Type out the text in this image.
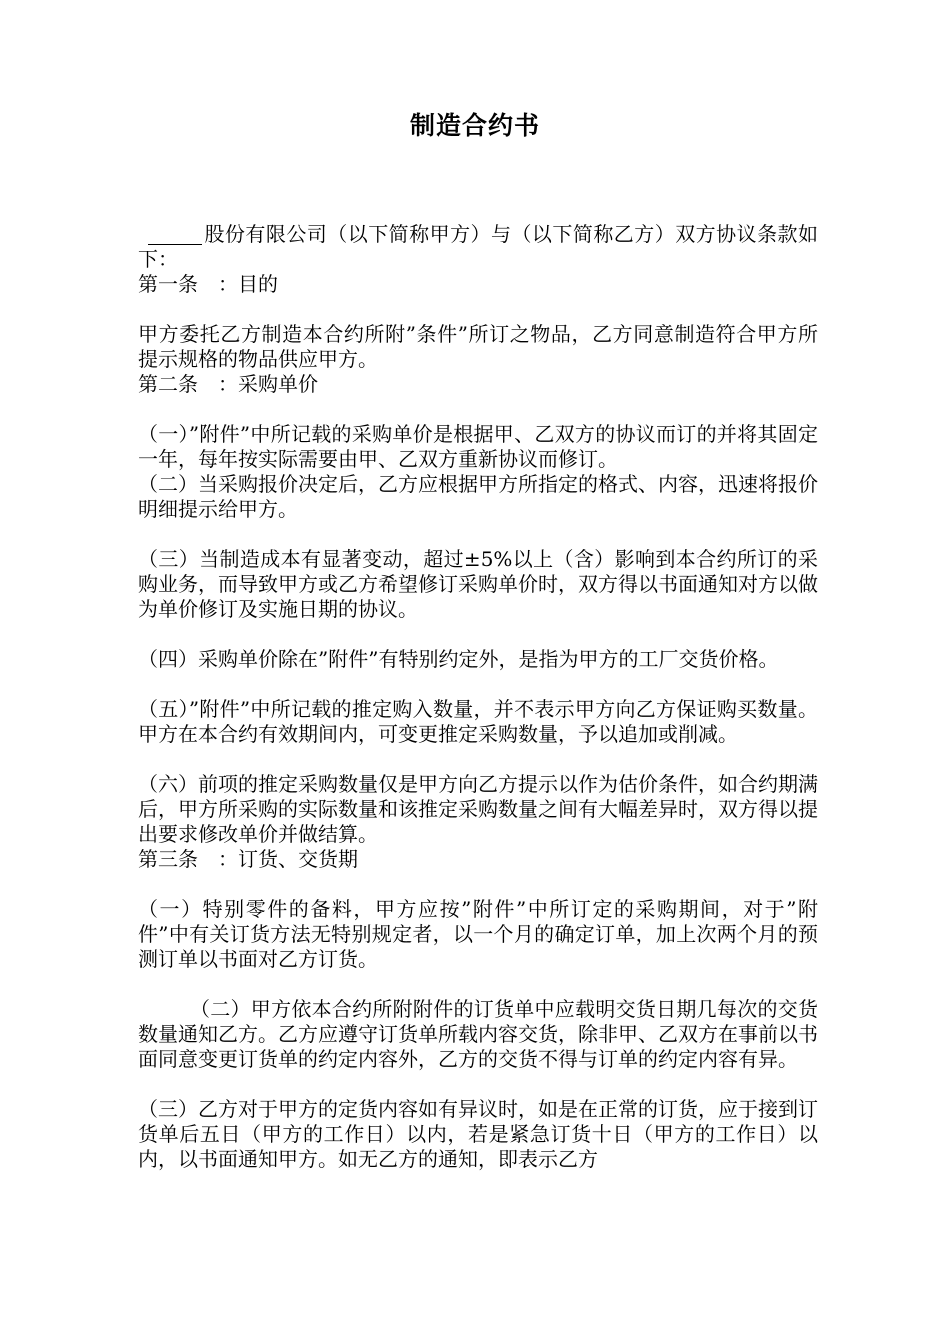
制造合约书

股份有限公司（以下简称甲方）与（以下简称乙方）双方协议条款如下：

第一条　：目的

甲方委托乙方制造本合约所附”条件”所订之物品，乙方同意制造符合甲方所提示规格的物品供应甲方。

第二条　：采购单价

（一）”附件”中所记载的采购单价是根据甲、乙双方的协议而订的并将其固定一年，每年按实际需要由甲、乙双方重新协议而修订。

（二）当采购报价决定后，乙方应根据甲方所指定的格式、内容，迅速将报价明细提示给甲方。

（三）当制造成本有显著变动，超过±5%以上（含）影响到本合约所订的采购业务，而导致甲方或乙方希望修订采购单价时，双方得以书面通知对方以做为单价修订及实施日期的协议。

（四）采购单价除在”附件”有特别约定外，是指为甲方的工厂交货价格。

（五）”附件”中所记载的推定购入数量，并不表示甲方向乙方保证购买数量。甲方在本合约有效期间内，可变更推定采购数量，予以追加或削减。

（六）前项的推定采购数量仅是甲方向乙方提示以作为估价条件，如合约期满后，甲方所采购的实际数量和该推定采购数量之间有大幅差异时，双方得以提出要求修改单价并做结算。

第三条　：订货、交货期

（一）特别零件的备料，甲方应按”附件”中所订定的采购期间，对于”附件”中有关订货方法无特别规定者，以一个月的确定订单，加上次两个月的预测订单以书面对乙方订货。

（二）甲方依本合约所附附件的订货单中应载明交货日期几每次的交货数量通知乙方。乙方应遵守订货单所载内容交货，除非甲、乙双方在事前以书面同意变更订货单的约定内容外，乙方的交货不得与订单的约定内容有异。

（三）乙方对于甲方的定货内容如有异议时，如是在正常的订货，应于接到订货单后五日（甲方的工作日）以内，若是紧急订货十日（甲方的工作日）以内，以书面通知甲方。如无乙方的通知，即表示乙方
